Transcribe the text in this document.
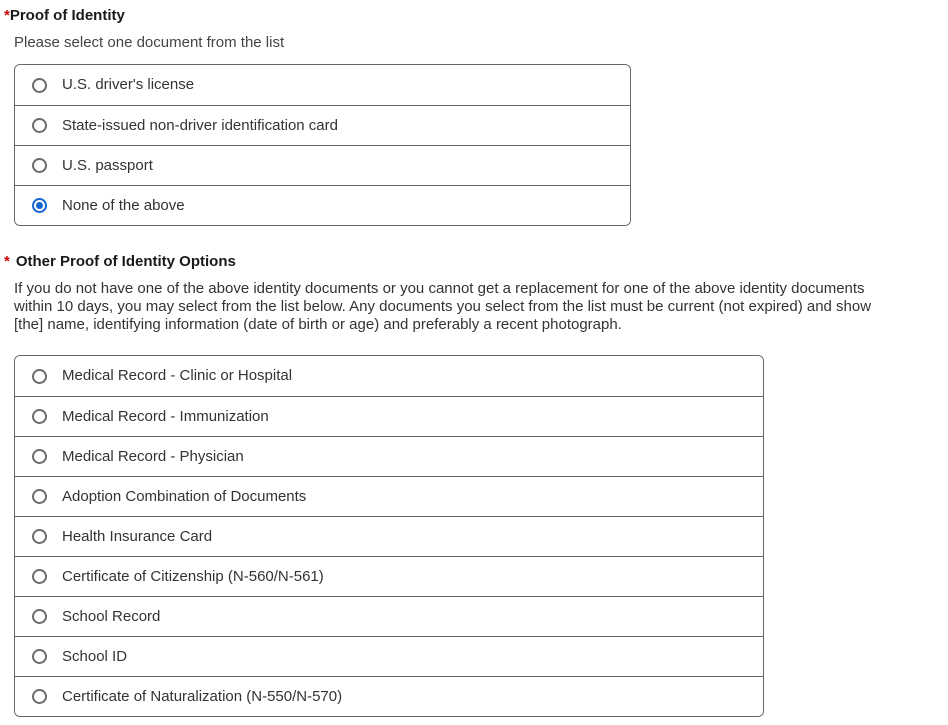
*Proof of Identity
Please select one document from the list
U.S. driver's license
State-issued non-driver identification card
U.S. passport
None of the above
* Other Proof of Identity Options
If you do not have one of the above identity documents or you cannot get a replacement for one of the above identity documents
within 10 days, you may select from the list below. Any documents you select from the list must be current (not expired) and show
[the] name, identifying information (date of birth or age) and preferably a recent photograph.
Medical Record - Clinic or Hospital
Medical Record - Immunization
Medical Record - Physician
Adoption Combination of Documents
Health Insurance Card
Certificate of Citizenship (N-560/N-561)
School Record
School ID
Certificate of Naturalization (N-550/N-570)
